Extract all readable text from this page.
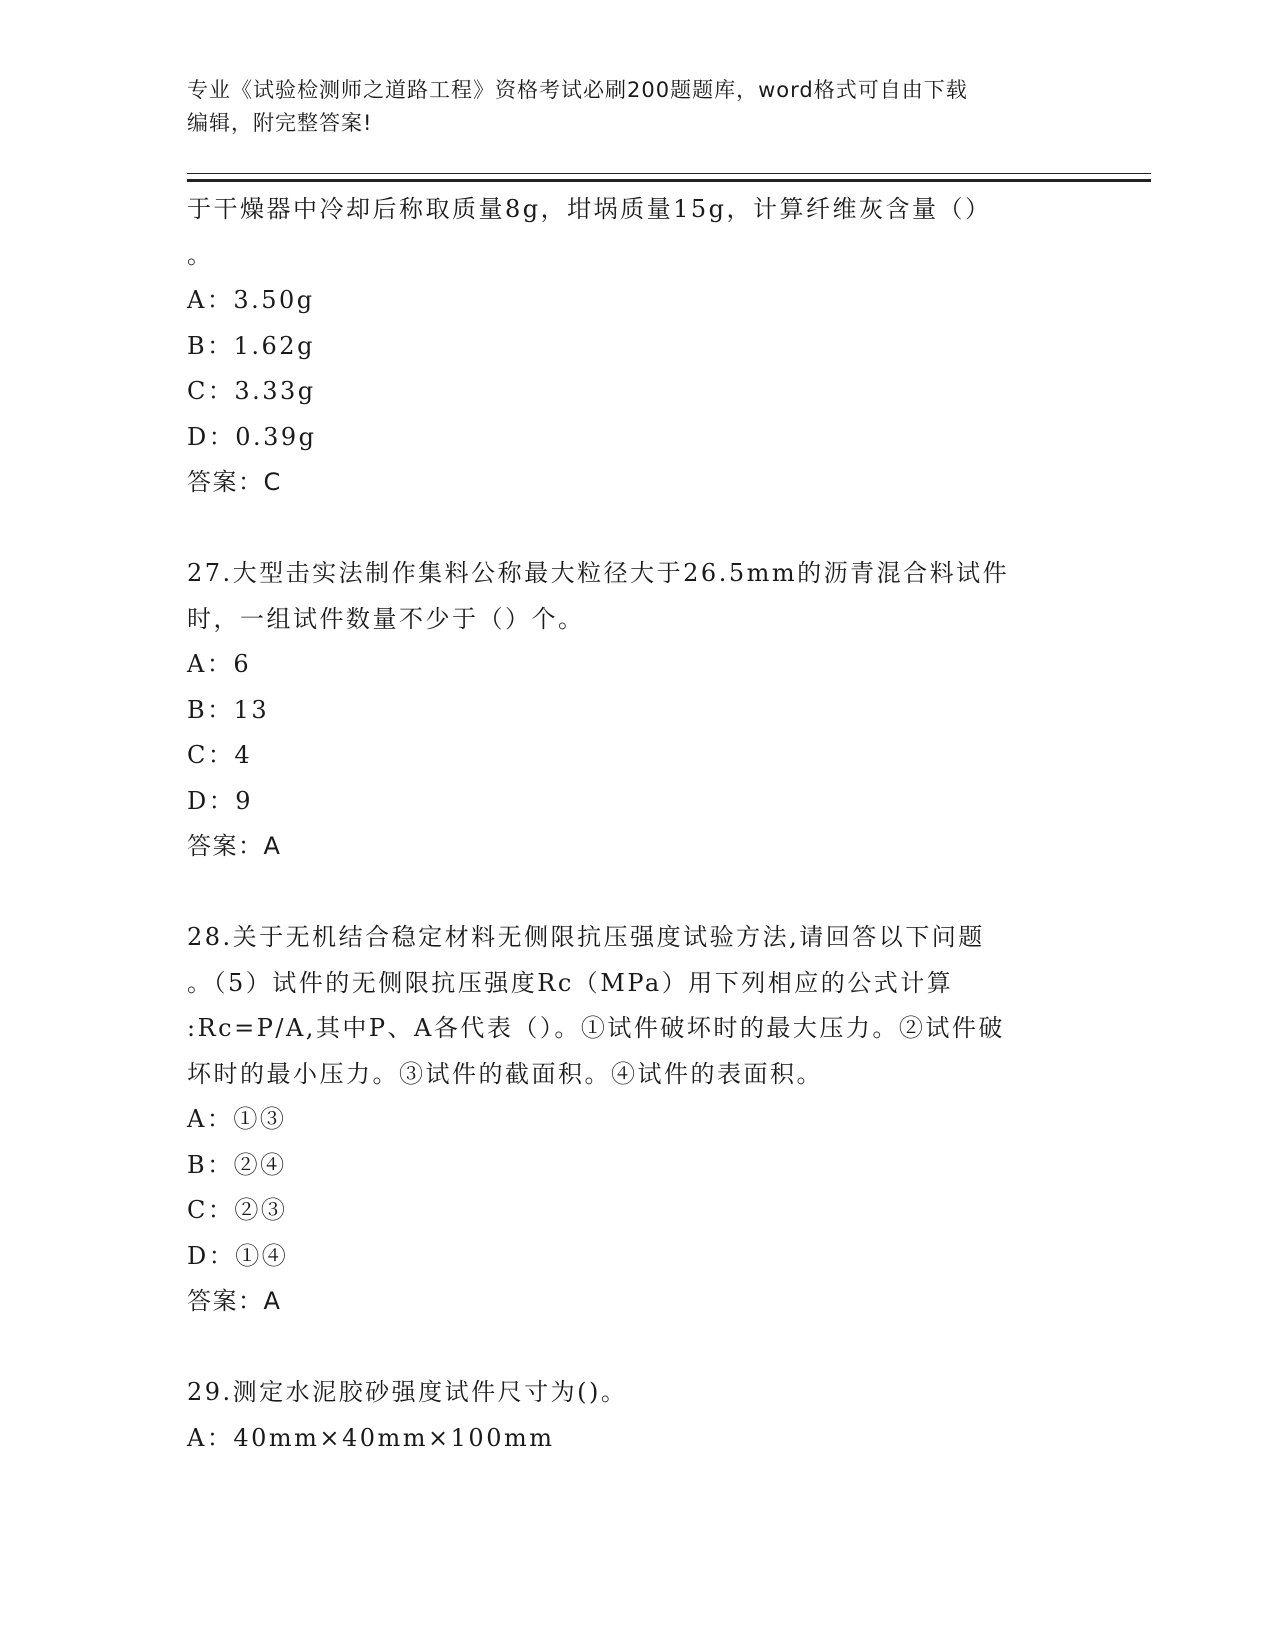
专业《试验检测师之道路工程》资格考试必刷200题题库，word格式可自由下载
编辑，附完整答案!
于干燥器中冷却后称取质量8g，坩埚质量15g，计算纤维灰含量（）
。
A：3.50g
B：1.62g
C：3.33g
D：0.39g
答案：C
27.大型击实法制作集料公称最大粒径大于26.5mm的沥青混合料试件
时，一组试件数量不少于（）个。
A：6
B：13
C：4
D：9
答案：A
28.关于无机结合稳定材料无侧限抗压强度试验方法,请回答以下问题
。（5）试件的无侧限抗压强度Rc（MPa）用下列相应的公式计算
:Rc=P/A,其中P、A各代表（）。①试件破坏时的最大压力。②试件破
坏时的最小压力。③试件的截面积。④试件的表面积。
A：①③
B：②④
C：②③
D：①④
答案：A
29.测定水泥胶砂强度试件尺寸为()。
A：40mm×40mm×100mm
